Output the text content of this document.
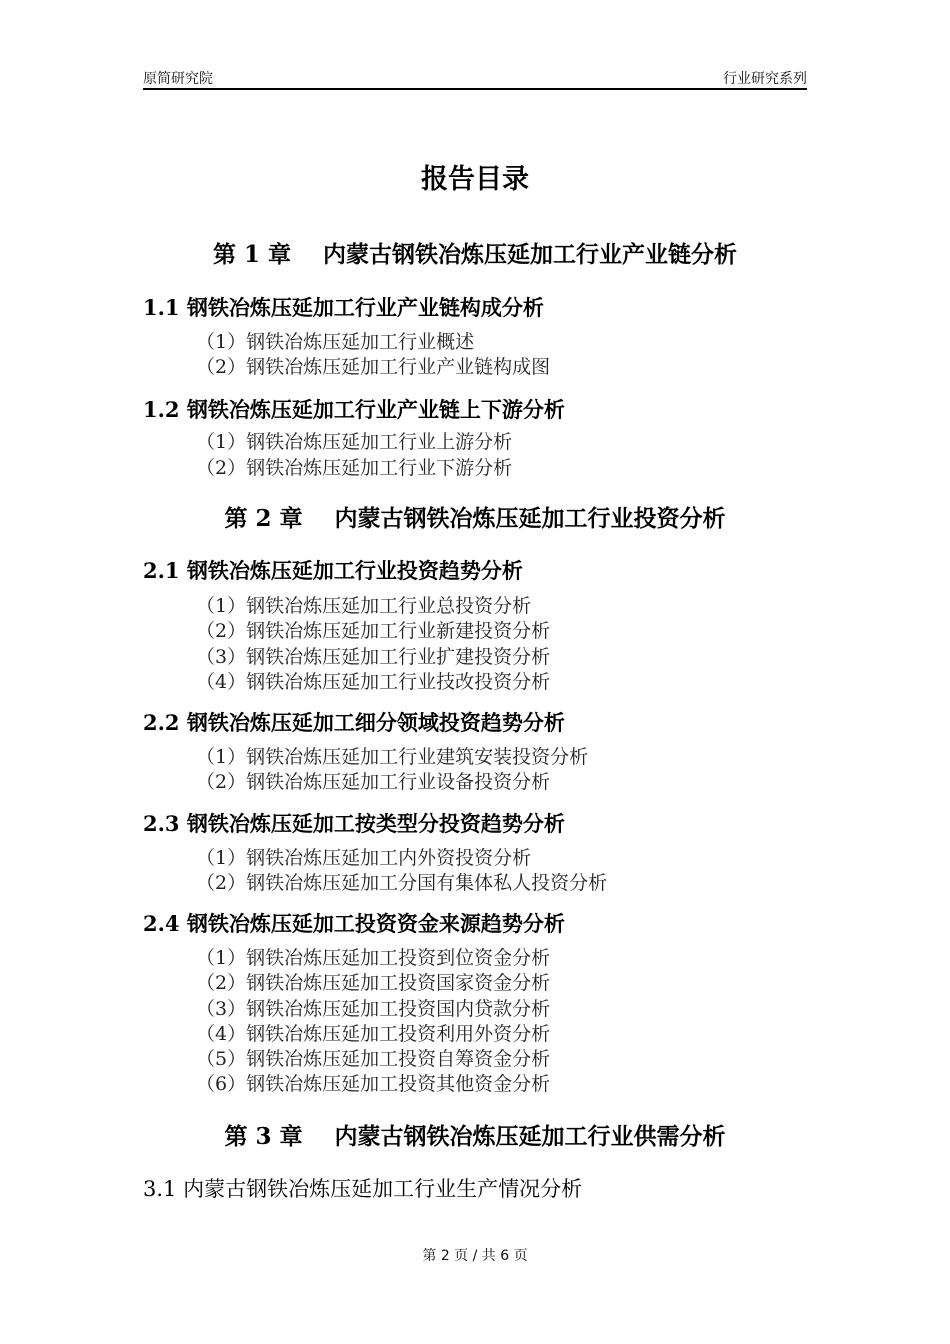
原简研究院	行业研究系列
报告目录
第 1 章    内蒙古钢铁冶炼压延加工行业产业链分析
1.1 钢铁冶炼压延加工行业产业链构成分析
（1）钢铁冶炼压延加工行业概述
（2）钢铁冶炼压延加工行业产业链构成图
1.2 钢铁冶炼压延加工行业产业链上下游分析
（1）钢铁冶炼压延加工行业上游分析
（2）钢铁冶炼压延加工行业下游分析
第 2 章    内蒙古钢铁冶炼压延加工行业投资分析
2.1 钢铁冶炼压延加工行业投资趋势分析
（1）钢铁冶炼压延加工行业总投资分析
（2）钢铁冶炼压延加工行业新建投资分析
（3）钢铁冶炼压延加工行业扩建投资分析
（4）钢铁冶炼压延加工行业技改投资分析
2.2 钢铁冶炼压延加工细分领域投资趋势分析
（1）钢铁冶炼压延加工行业建筑安装投资分析
（2）钢铁冶炼压延加工行业设备投资分析
2.3 钢铁冶炼压延加工按类型分投资趋势分析
（1）钢铁冶炼压延加工内外资投资分析
（2）钢铁冶炼压延加工分国有集体私人投资分析
2.4 钢铁冶炼压延加工投资资金来源趋势分析
（1）钢铁冶炼压延加工投资到位资金分析
（2）钢铁冶炼压延加工投资国家资金分析
（3）钢铁冶炼压延加工投资国内贷款分析
（4）钢铁冶炼压延加工投资利用外资分析
（5）钢铁冶炼压延加工投资自筹资金分析
（6）钢铁冶炼压延加工投资其他资金分析
第 3 章    内蒙古钢铁冶炼压延加工行业供需分析
3.1 内蒙古钢铁冶炼压延加工行业生产情况分析
第 2 页 / 共 6 页
